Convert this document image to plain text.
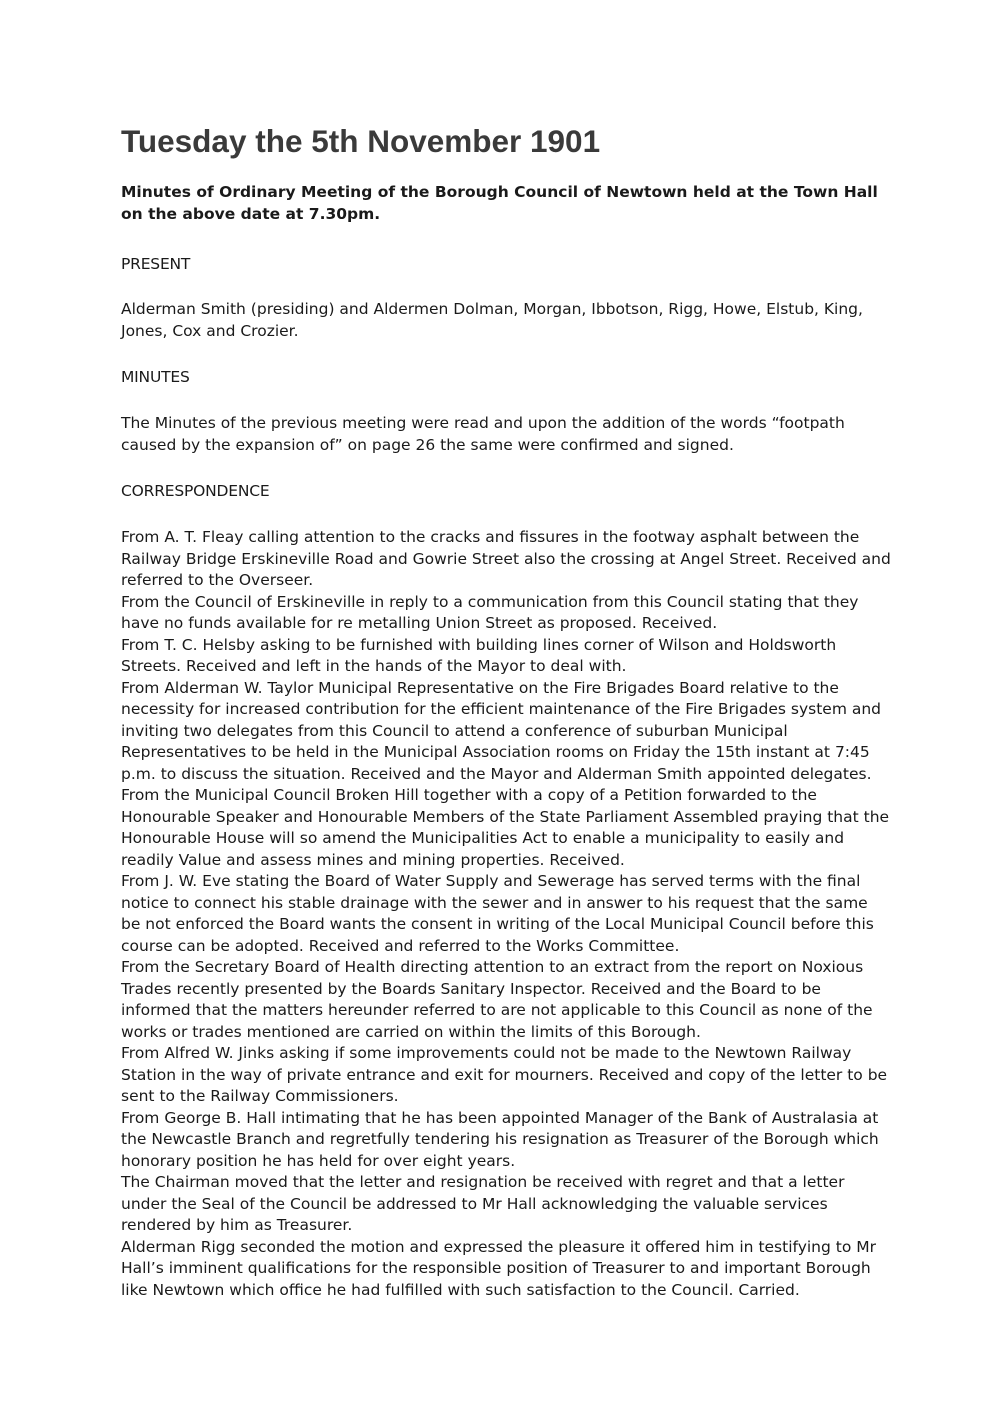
Tuesday the 5th November 1901

Minutes of Ordinary Meeting of the Borough Council of Newtown held at the Town Hall on the above date at 7.30pm.

PRESENT

Alderman Smith (presiding) and Aldermen Dolman, Morgan, Ibbotson, Rigg, Howe, Elstub, King, Jones, Cox and Crozier.

MINUTES

The Minutes of the previous meeting were read and upon the addition of the words “footpath caused by the expansion of” on page 26 the same were confirmed and signed.

CORRESPONDENCE

From A. T. Fleay calling attention to the cracks and fissures in the footway asphalt between the Railway Bridge Erskineville Road and Gowrie Street also the crossing at Angel Street. Received and referred to the Overseer.

From the Council of Erskineville in reply to a communication from this Council stating that they have no funds available for re metalling Union Street as proposed. Received.

From T. C. Helsby asking to be furnished with building lines corner of Wilson and Holdsworth Streets. Received and left in the hands of the Mayor to deal with.

From Alderman W. Taylor Municipal Representative on the Fire Brigades Board relative to the necessity for increased contribution for the efficient maintenance of the Fire Brigades system and inviting two delegates from this Council to attend a conference of suburban Municipal Representatives to be held in the Municipal Association rooms on Friday the 15th instant at 7:45 p.m. to discuss the situation. Received and the Mayor and Alderman Smith appointed delegates.

From the Municipal Council Broken Hill together with a copy of a Petition forwarded to the Honourable Speaker and Honourable Members of the State Parliament Assembled praying that the Honourable House will so amend the Municipalities Act to enable a municipality to easily and readily Value and assess mines and mining properties. Received.

From J. W. Eve stating the Board of Water Supply and Sewerage has served terms with the final notice to connect his stable drainage with the sewer and in answer to his request that the same be not enforced the Board wants the consent in writing of the Local Municipal Council before this course can be adopted. Received and referred to the Works Committee.

From the Secretary Board of Health directing attention to an extract from the report on Noxious Trades recently presented by the Boards Sanitary Inspector. Received and the Board to be informed that the matters hereunder referred to are not applicable to this Council as none of the works or trades mentioned are carried on within the limits of this Borough.

From Alfred W. Jinks asking if some improvements could not be made to the Newtown Railway Station in the way of private entrance and exit for mourners. Received and copy of the letter to be sent to the Railway Commissioners.

From George B. Hall intimating that he has been appointed Manager of the Bank of Australasia at the Newcastle Branch and regretfully tendering his resignation as Treasurer of the Borough which honorary position he has held for over eight years.

The Chairman moved that the letter and resignation be received with regret and that a letter under the Seal of the Council be addressed to Mr Hall acknowledging the valuable services rendered by him as Treasurer.

Alderman Rigg seconded the motion and expressed the pleasure it offered him in testifying to Mr Hall’s imminent qualifications for the responsible position of Treasurer to and important Borough like Newtown which office he had fulfilled with such satisfaction to the Council. Carried.
